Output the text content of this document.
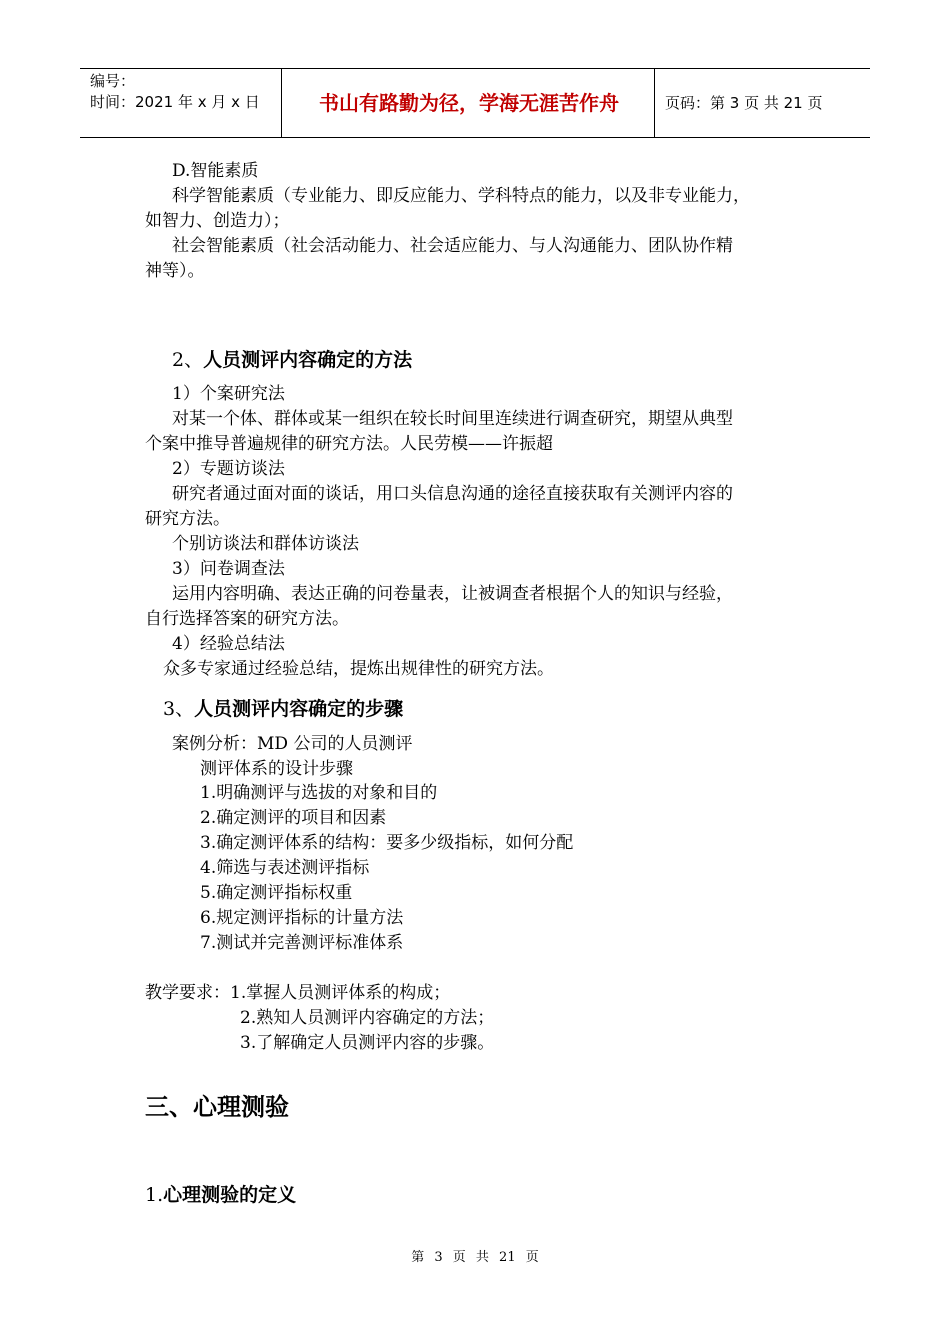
编号：
时间：2021 年 x 月 x 日	书山有路勤为径，学海无涯苦作舟	页码：第 3 页 共 21 页
D.智能素质
科学智能素质（专业能力、即反应能力、学科特点的能力，以及非专业能力，
如智力、创造力）；
社会智能素质（社会活动能力、社会适应能力、与人沟通能力、团队协作精
神等）。
2、人员测评内容确定的方法
1）个案研究法
对某一个体、群体或某一组织在较长时间里连续进行调查研究，期望从典型
个案中推导普遍规律的研究方法。人民劳模——许振超
2）专题访谈法
研究者通过面对面的谈话，用口头信息沟通的途径直接获取有关测评内容的
研究方法。
个别访谈法和群体访谈法
3）问卷调查法
运用内容明确、表达正确的问卷量表，让被调查者根据个人的知识与经验，
自行选择答案的研究方法。
4）经验总结法
众多专家通过经验总结，提炼出规律性的研究方法。
3、人员测评内容确定的步骤
案例分析：MD 公司的人员测评
测评体系的设计步骤
1.明确测评与选拔的对象和目的
2.确定测评的项目和因素
3.确定测评体系的结构：要多少级指标，如何分配
4.筛选与表述测评指标
5.确定测评指标权重
6.规定测评指标的计量方法
7.测试并完善测评标准体系
教学要求：1.掌握人员测评体系的构成；
2.熟知人员测评内容确定的方法；
3.了解确定人员测评内容的步骤。
三、心理测验
1.心理测验的定义
第 3 页 共 21 页
